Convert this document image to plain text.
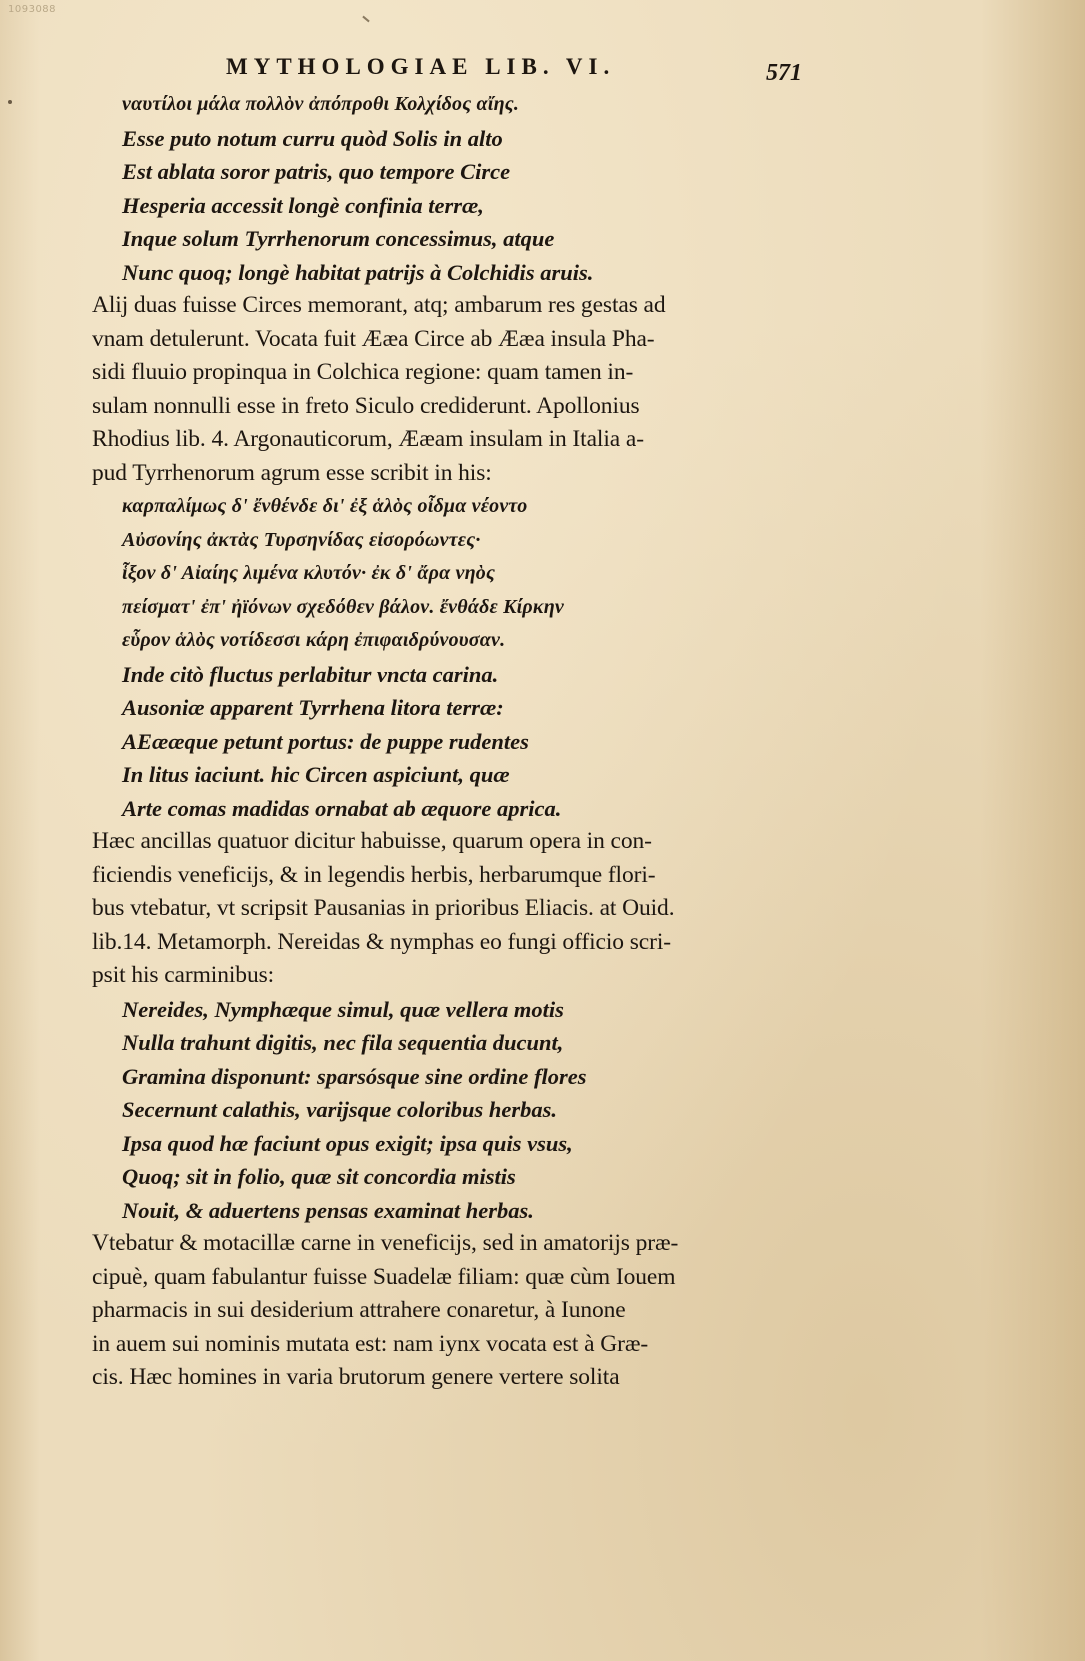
1093088
MYTHOLOGIAE LIB. VI.	571
ναυτίλοι μάλα πολλὸν ἀπόπροθι Κολχίδος αἴης.
Esse puto notum curru quòd Solis in alto
Est ablata soror patris, quo tempore Circe
Hesperia accessit longè confinia terræ,
Inque solum Tyrrhenorum concessimus, atque
Nunc quoq; longè habitat patrijs à Colchidis aruis.
Alij duas fuisse Circes memorant, atq; ambarum res gestas ad
vnam detulerunt. Vocata fuit Ææa Circe ab Ææa insula Pha-
sidi fluuio propinqua in Colchica regione: quam tamen in-
sulam nonnulli esse in freto Siculo crediderunt. Apollonius
Rhodius lib. 4. Argonauticorum, Ææam insulam in Italia a-
pud Tyrrhenorum agrum esse scribit in his:
καρπαλίμως δ' ἔνθένδε δι' ἐξ ἁλὸς οἶδμα νέοντο
Αὐσονίης ἀκτὰς Τυρσηνίδας εἰσορόωντες·
ἷξον δ' Αἰαίης λιμένα κλυτόν· ἐκ δ' ἄρα νηὸς
πείσματ' ἐπ' ἠϊόνων σχεδόθεν βάλον. ἔνθάδε Κίρκην
εὗρον ἁλὸς νοτίδεσσι κάρη ἐπιφαιδρύνουσαν.
Inde citò fluctus perlabitur vncta carina.
Ausoniæ apparent Tyrrhena litora terræ:
AEææque petunt portus: de puppe rudentes
In litus iaciunt. hic Circen aspiciunt, quæ
Arte comas madidas ornabat ab æquore aprica.
Hæc ancillas quatuor dicitur habuisse, quarum opera in con-
ficiendis veneficijs, & in legendis herbis, herbarumque flori-
bus vtebatur, vt scripsit Pausanias in prioribus Eliacis. at Ouid.
lib.14. Metamorph. Nereidas & nymphas eo fungi officio scri-
psit his carminibus:
Nereides, Nymphæque simul, quæ vellera motis
Nulla trahunt digitis, nec fila sequentia ducunt,
Gramina disponunt: sparsósque sine ordine flores
Secernunt calathis, varijsque coloribus herbas.
Ipsa quod hæ faciunt opus exigit; ipsa quis vsus,
Quoq; sit in folio, quæ sit concordia mistis
Nouit, & aduertens pensas examinat herbas.
Vtebatur & motacillæ carne in veneficijs, sed in amatorijs præ-
cipuè, quam fabulantur fuisse Suadelæ filiam: quæ cùm Iouem
pharmacis in sui desiderium attrahere conaretur, à Iunone
in auem sui nominis mutata est: nam iynx vocata est à Græ-
cis. Hæc homines in varia brutorum genere vertere solita
